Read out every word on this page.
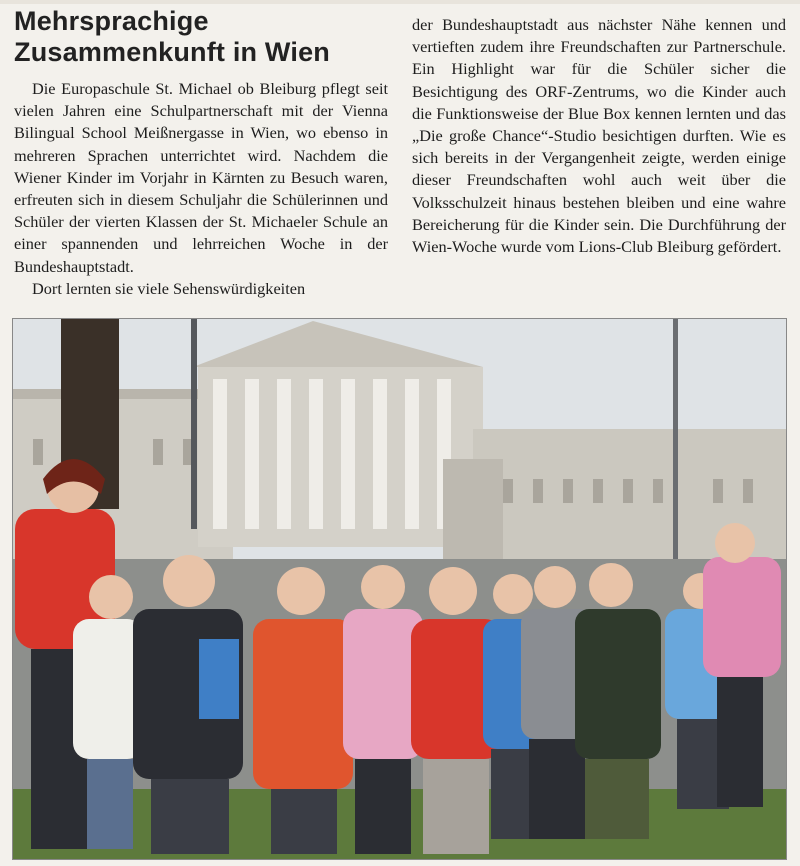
Mehrsprachige
Zusammenkunft in Wien

Die Europaschule St. Michael ob Bleiburg pflegt seit vielen Jahren eine Schulpartnerschaft mit der Vienna Bilingual School Meißnergasse in Wien, wo ebenso in mehreren Sprachen unterrichtet wird. Nachdem die Wiener Kinder im Vorjahr in Kärnten zu Besuch waren, erfreuten sich in diesem Schuljahr die Schülerinnen und Schüler der vierten Klassen der St. Michaeler Schule an einer spannenden und lehrreichen Woche in der Bundeshauptstadt.

Dort lernten sie viele Sehenswürdigkeiten

der Bundeshauptstadt aus nächster Nähe kennen und vertieften zudem ihre Freundschaften zur Partnerschule. Ein Highlight war für die Schüler sicher die Besichtigung des ORF-Zentrums, wo die Kinder auch die Funktionsweise der Blue Box kennen lernten und das „Die große Chance“-Studio besichtigen durften. Wie es sich bereits in der Vergangenheit zeigte, werden einige dieser Freundschaften wohl auch weit über die Volksschulzeit hinaus bestehen bleiben und eine wahre Bereicherung für die Kinder sein. Die Durchführung der Wien-Woche wurde vom Lions-Club Bleiburg gefördert.
